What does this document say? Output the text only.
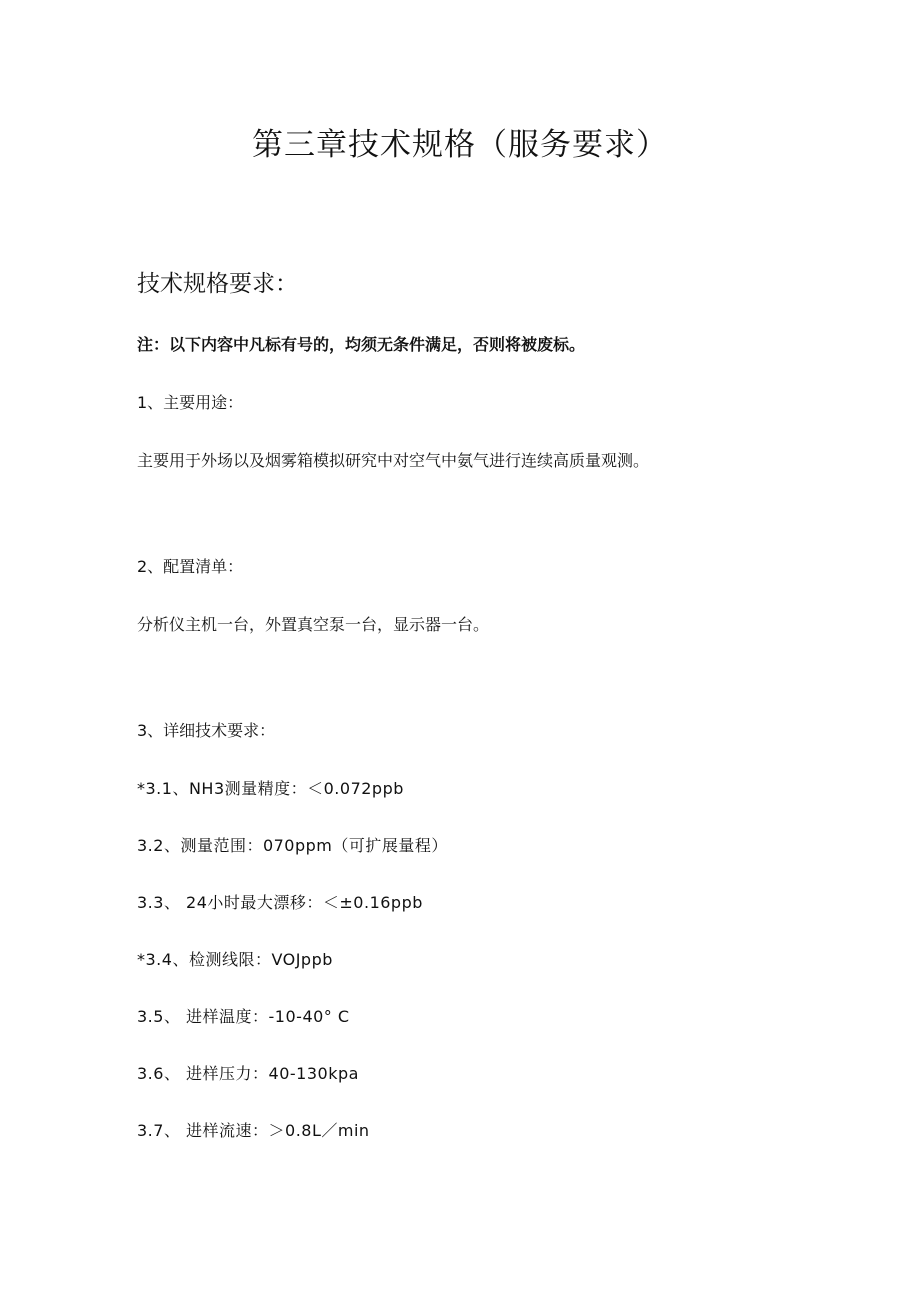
第三章技术规格（服务要求）
技术规格要求：
注：以下内容中凡标有号的，均须无条件满足，否则将被废标。
1、主要用途：
主要用于外场以及烟雾箱模拟研究中对空气中氨气进行连续高质量观测。
2、配置清单：
分析仪主机一台，外置真空泵一台，显示器一台。
3、详细技术要求：
*3.1、NH3测量精度：＜0.072ppb
3.2、测量范围：070ppm（可扩展量程）
3.3、 24小时最大漂移：＜±0.16ppb
*3.4、检测线限：VOJppb
3.5、 进样温度：-10-40° C
3.6、 进样压力：40-130kpa
3.7、 进样流速：＞0.8L／min
